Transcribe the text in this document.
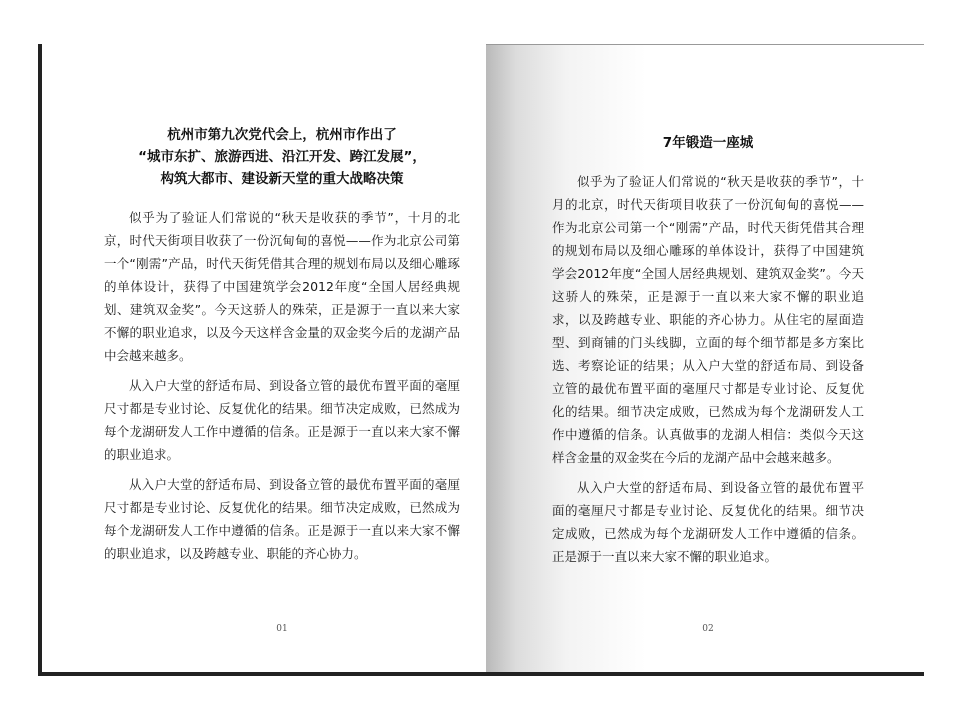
杭州市第九次党代会上，杭州市作出了
“城市东扩、旅游西进、沿江开发、跨江发展”，
构筑大都市、建设新天堂的重大战略决策

似乎为了验证人们常说的“秋天是收获的季节”，十月的北京，时代天街项目收获了一份沉甸甸的喜悦——作为北京公司第一个“刚需”产品，时代天街凭借其合理的规划布局以及细心雕琢的单体设计，获得了中国建筑学会2012年度“全国人居经典规划、建筑双金奖”。今天这骄人的殊荣，正是源于一直以来大家不懈的职业追求，以及今天这样含金量的双金奖今后的龙湖产品中会越来越多。

从入户大堂的舒适布局、到设备立管的最优布置平面的毫厘尺寸都是专业讨论、反复优化的结果。细节决定成败，已然成为每个龙湖研发人工作中遵循的信条。正是源于一直以来大家不懈的职业追求。

从入户大堂的舒适布局、到设备立管的最优布置平面的毫厘尺寸都是专业讨论、反复优化的结果。细节决定成败，已然成为每个龙湖研发人工作中遵循的信条。正是源于一直以来大家不懈的职业追求，以及跨越专业、职能的齐心协力。

01
7年锻造一座城

似乎为了验证人们常说的“秋天是收获的季节”，十月的北京，时代天街项目收获了一份沉甸甸的喜悦——作为北京公司第一个“刚需”产品，时代天街凭借其合理的规划布局以及细心雕琢的单体设计，获得了中国建筑学会2012年度“全国人居经典规划、建筑双金奖”。今天这骄人的殊荣，正是源于一直以来大家不懈的职业追求，以及跨越专业、职能的齐心协力。从住宅的屋面造型、到商铺的门头线脚，立面的每个细节都是多方案比选、考察论证的结果；从入户大堂的舒适布局、到设备立管的最优布置平面的毫厘尺寸都是专业讨论、反复优化的结果。细节决定成败，已然成为每个龙湖研发人工作中遵循的信条。认真做事的龙湖人相信：类似今天这样含金量的双金奖在今后的龙湖产品中会越来越多。

从入户大堂的舒适布局、到设备立管的最优布置平面的毫厘尺寸都是专业讨论、反复优化的结果。细节决定成败，已然成为每个龙湖研发人工作中遵循的信条。正是源于一直以来大家不懈的职业追求。

02
